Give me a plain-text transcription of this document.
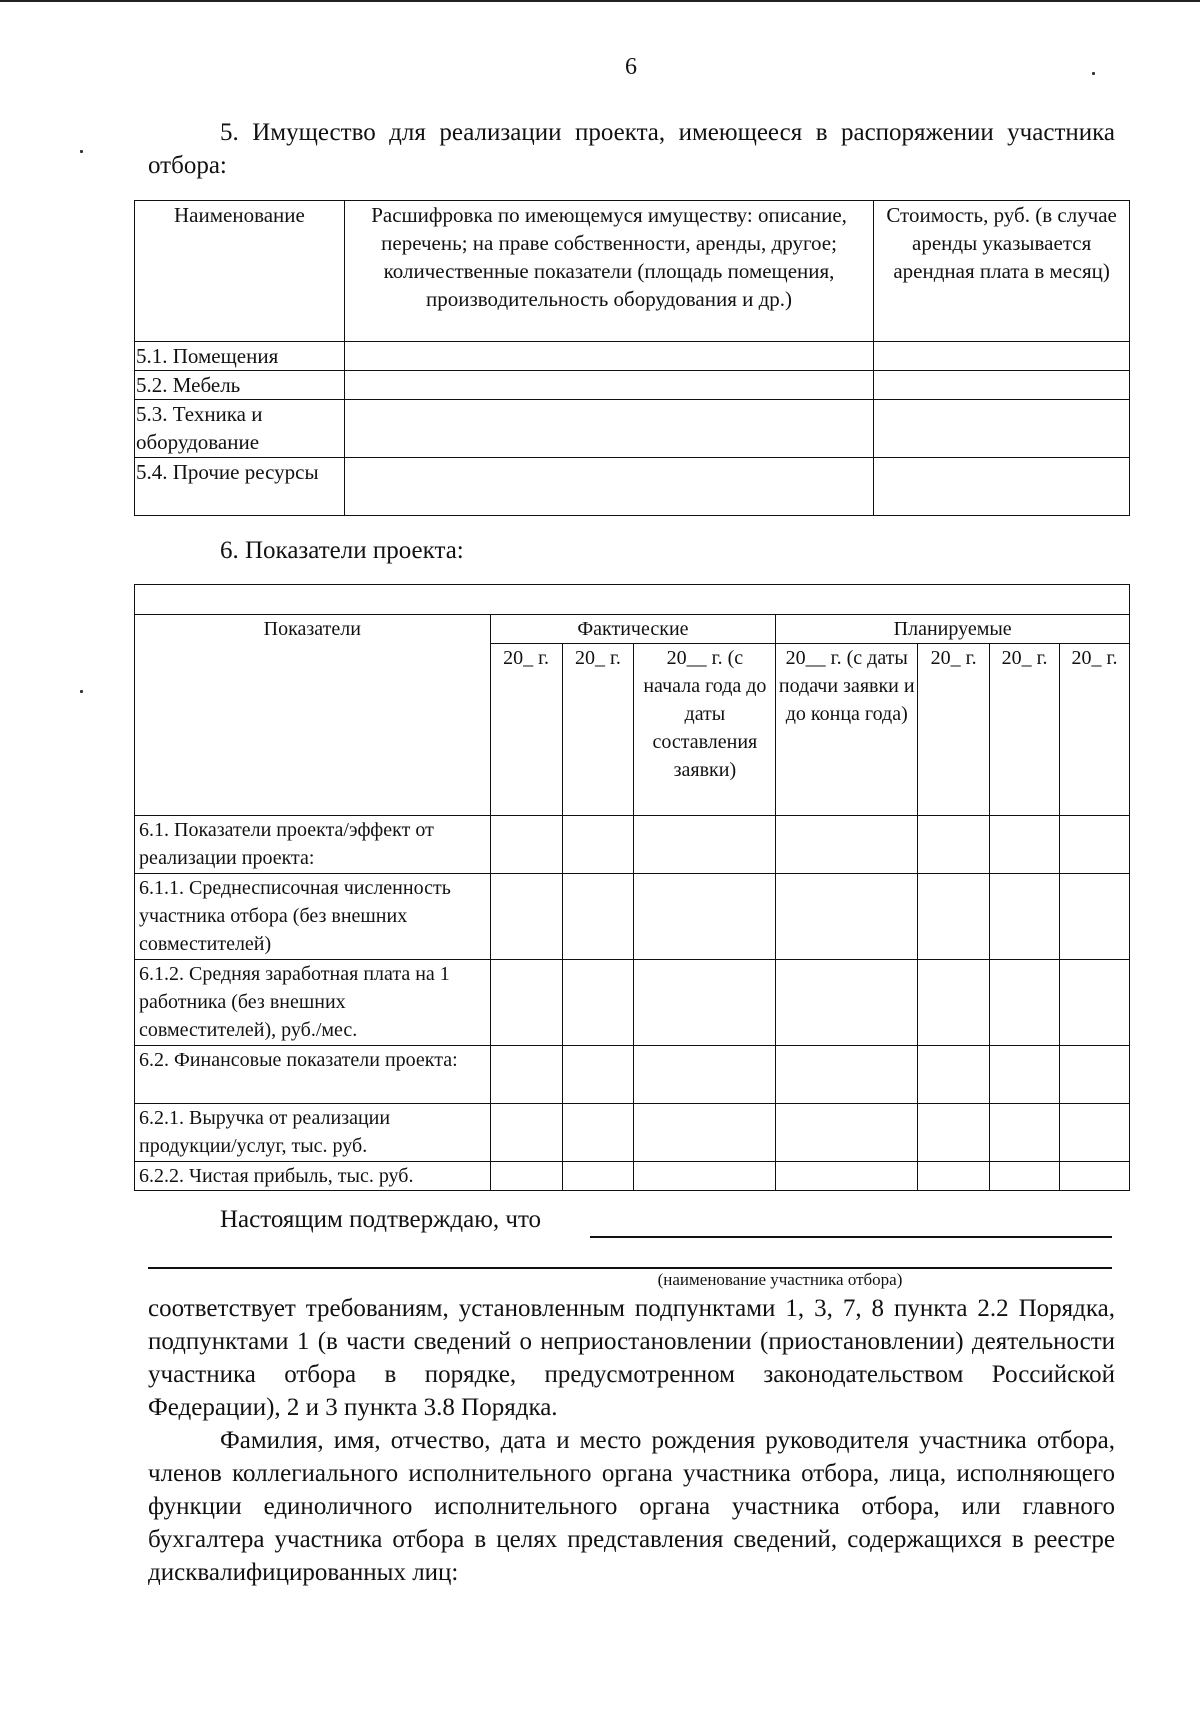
6
5. Имущество для реализации проекта, имеющееся в распоряжении участника отбора:
Наименование	Расшифровка по имеющемуся имуществу: описание, перечень; на праве собственности, аренды, другое; количественные показатели (площадь помещения, производительность оборудования и др.)	Стоимость, руб. (в случае аренды указывается арендная плата в месяц)
5.1. Помещения		
5.2. Мебель		
5.3. Техника и оборудование		
5.4. Прочие ресурсы		
6. Показатели проекта:

Показатели	Фактические			Планируемые			
	20_ г.	20_ г.	20__ г. (с начала года до даты составления заявки)	20__ г. (с даты подачи заявки и до конца года)	20_ г.	20_ г.	20_ г.
6.1. Показатели проекта/эффект от реализации проекта:							
6.1.1. Среднесписочная численность участника отбора (без внешних совместителей)							
6.1.2. Средняя заработная плата на 1 работника (без внешних совместителей), руб./мес.							
6.2. Финансовые показатели проекта:							
6.2.1. Выручка от реализации продукции/услуг, тыс. руб.							
6.2.2. Чистая прибыль, тыс. руб.							
Настоящим подтверждаю, что
(наименование участника отбора)
соответствует требованиям, установленным подпунктами 1, 3, 7, 8 пункта 2.2 Порядка, подпунктами 1 (в части сведений о неприостановлении (приостановлении) деятельности участника отбора в порядке, предусмотренном законодательством Российской Федерации), 2 и 3 пункта 3.8 Порядка.
Фамилия, имя, отчество, дата и место рождения руководителя участника отбора, членов коллегиального исполнительного органа участника отбора, лица, исполняющего функции единоличного исполнительного органа участника отбора, или главного бухгалтера участника отбора в целях представления сведений, содержащихся в реестре дисквалифицированных лиц:
